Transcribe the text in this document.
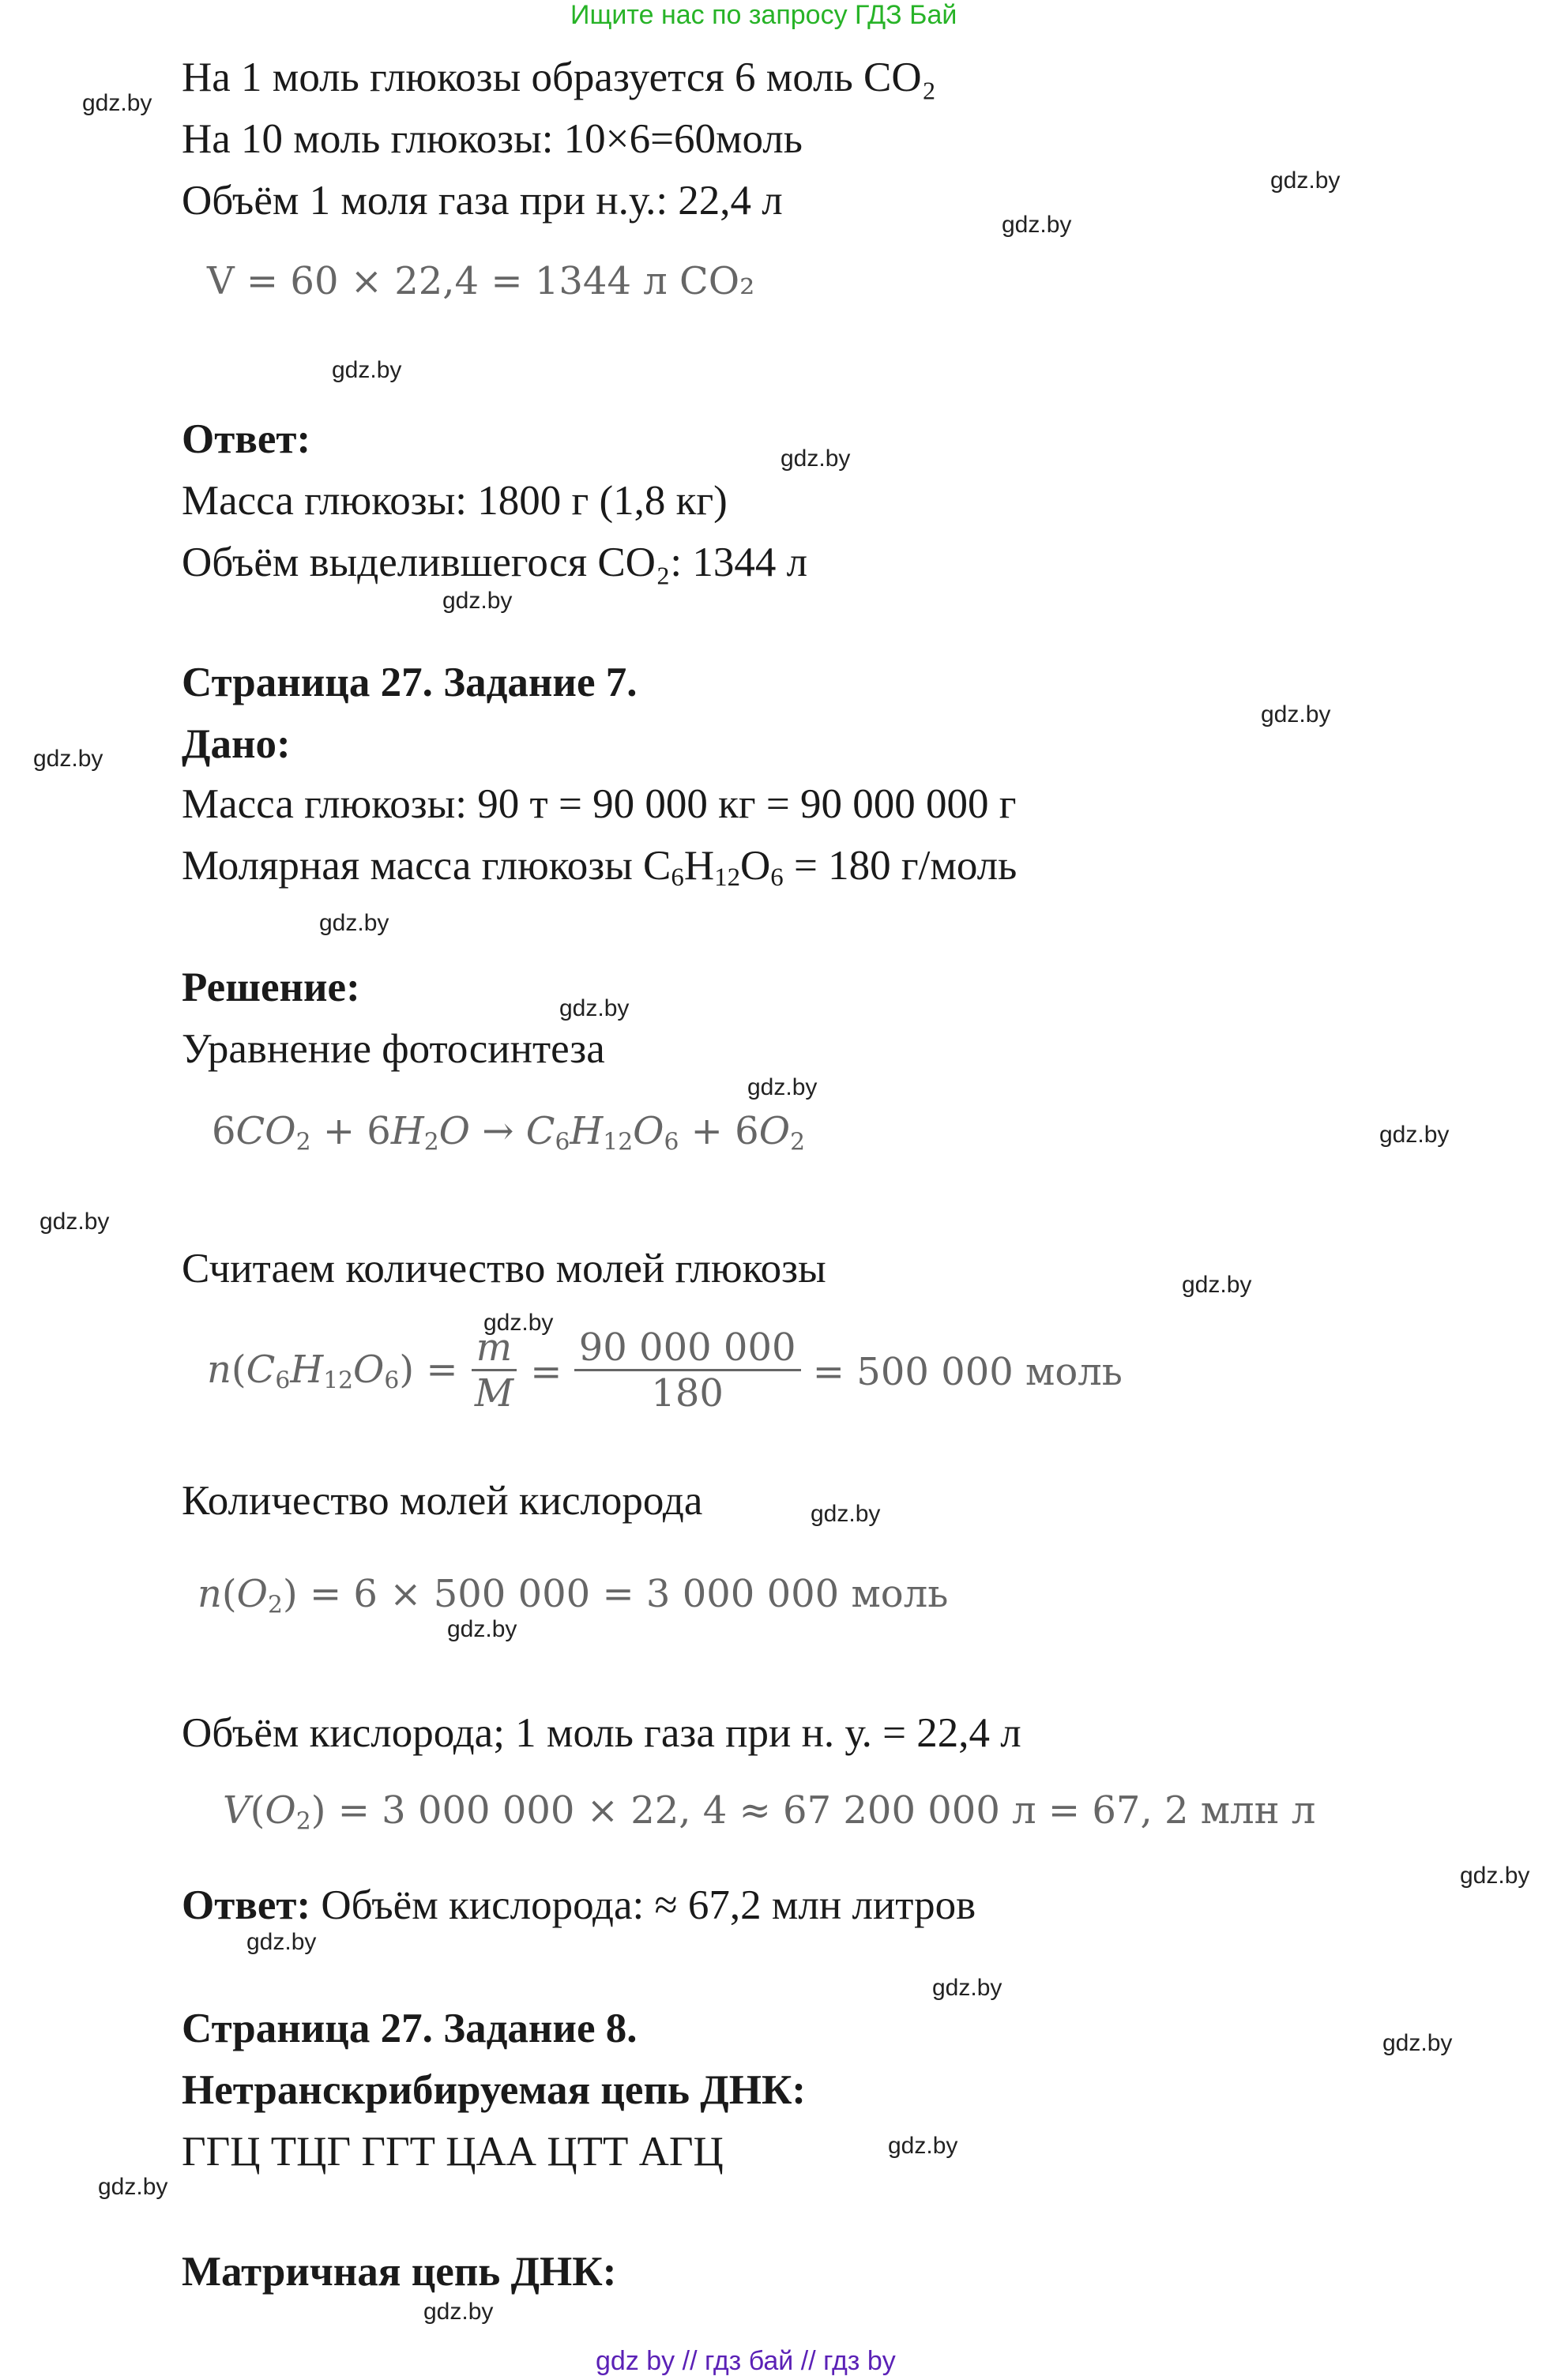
Ищите нас по запросу ГДЗ Бай
На 1 моль глюкозы образуется 6 моль CO₂
На 10 моль глюкозы: 10×6=60моль
Объём 1 моля газа при н.у.: 22,4 л
V = 60 × 22,4 = 1344 л CO₂
Ответ:
Масса глюкозы: 1800 г (1,8 кг)
Объём выделившегося CO₂: 1344 л
Страница 27. Задание 7.
Дано:
Масса глюкозы: 90 т = 90 000 кг = 90 000 000 г
Молярная масса глюкозы $C_6H_{12}O_6 = 180$ г/моль
Решение:
Уравнение фотосинтеза
$6CO_2 + 6H_2O \to C_6H_{12}O_6 + 6O_2$
Считаем количество молей глюкозы
$n(C_6H_{12}O_6) = \frac{m}{M} = \frac{90 000 000}{180}$
= 500 000 моль
Количество молей кислорода
$n(O_2) = 6 \times 500$ 000 = 3 000 000 моль
Объём кислорода; 1 моль газа при н. у. = 22,4 л
$V(O_2) = 3$ 000 000 × 22, 4 ≈ 67 200 000 л = 67, 2 млн л
Ответ: Объём кислорода: ≈ 67,2 млн литров
Страница 27. Задание 8.
Нетранскрибируемая цепь ДНК:
ГГЦ ТЦГ ГГТ ЦАА ЦТТ АГЦ
Матричная цепь ДНК:
gdz.by
gdz.by
gdz.by
gdz.by
gdz.by
gdz.by
gdz.by
gdz.by
gdz.by
gdz.by
gdz.by
gdz.by
gdz.by
gdz.by
gdz.by
gdz.by
gdz.by
gdz.by
gdz.by
gdz.by
gdz.by
gdz.by
gdz.by
gdz.by
gdz by // гдз бай // гдз by
